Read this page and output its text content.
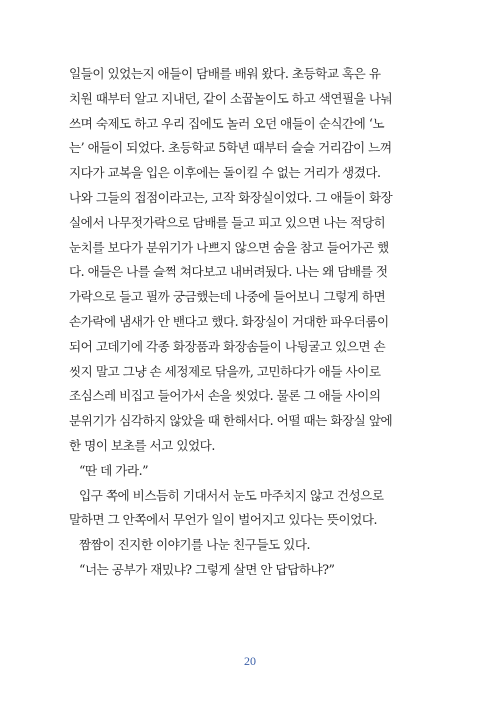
일들이 있었는지 애들이 담배를 배워 왔다. 초등학교 혹은 유
치원 때부터 알고 지내던, 같이 소꿉놀이도 하고 색연필을 나눠
쓰며 숙제도 하고 우리 집에도 놀러 오던 애들이 순식간에 ‘노
는’ 애들이 되었다. 초등학교 5학년 때부터 슬슬 거리감이 느껴
지다가 교복을 입은 이후에는 돌이킬 수 없는 거리가 생겼다.
나와 그들의 접점이라고는, 고작 화장실이었다. 그 애들이 화장
실에서 나무젓가락으로 담배를 들고 피고 있으면 나는 적당히
눈치를 보다가 분위기가 나쁘지 않으면 숨을 참고 들어가곤 했
다. 애들은 나를 슬쩍 쳐다보고 내버려뒀다. 나는 왜 담배를 젓
가락으로 들고 필까 궁금했는데 나중에 들어보니 그렇게 하면
손가락에 냄새가 안 밴다고 했다. 화장실이 거대한 파우더룸이
되어 고데기에 각종 화장품과 화장솜들이 나뒹굴고 있으면 손
씻지 말고 그냥 손 세정제로 닦을까, 고민하다가 애들 사이로
조심스레 비집고 들어가서 손을 씻었다. 물론 그 애들 사이의
분위기가 심각하지 않았을 때 한해서다. 어떨 때는 화장실 앞에
한 명이 보초를 서고 있었다.
“딴 데 가라.”
입구 쪽에 비스듬히 기대서서 눈도 마주치지 않고 건성으로
말하면 그 안쪽에서 무언가 일이 벌어지고 있다는 뜻이었다.
짬짬이 진지한 이야기를 나눈 친구들도 있다.
“너는 공부가 재밌냐? 그렇게 살면 안 답답하냐?”
20
